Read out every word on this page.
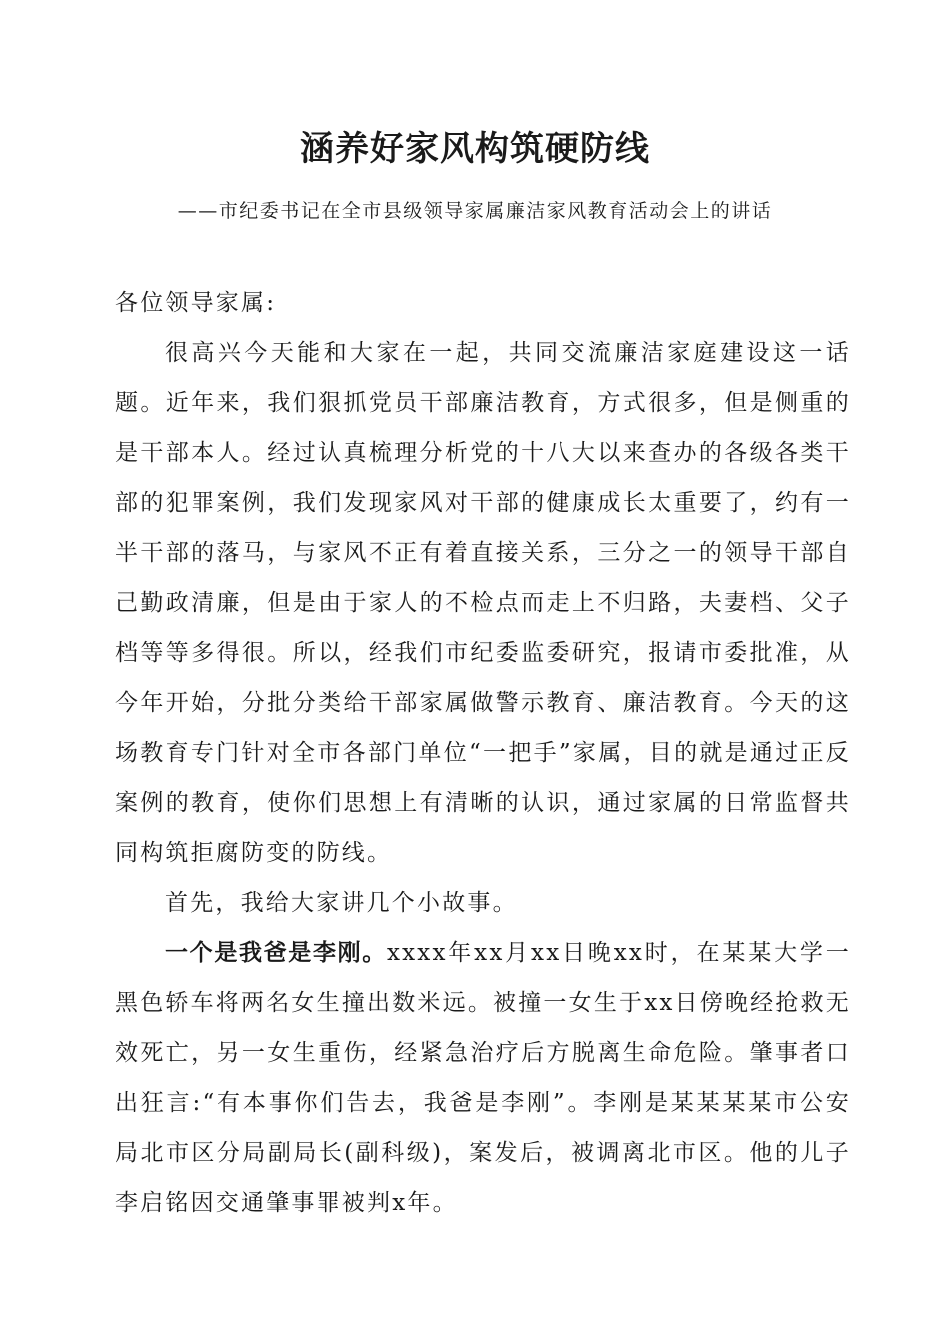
涵养好家风构筑硬防线
——市纪委书记在全市县级领导家属廉洁家风教育活动会上的讲话

各位领导家属:

很高兴今天能和大家在一起，共同交流廉洁家庭建设这一话题。近年来，我们狠抓党员干部廉洁教育，方式很多，但是侧重的是干部本人。经过认真梳理分析党的十八大以来查办的各级各类干部的犯罪案例，我们发现家风对干部的健康成长太重要了，约有一半干部的落马，与家风不正有着直接关系，三分之一的领导干部自己勤政清廉，但是由于家人的不检点而走上不归路，夫妻档、父子档等等多得很。所以，经我们市纪委监委研究，报请市委批准，从今年开始，分批分类给干部家属做警示教育、廉洁教育。今天的这场教育专门针对全市各部门单位“一把手”家属，目的就是通过正反案例的教育，使你们思想上有清晰的认识，通过家属的日常监督共同构筑拒腐防变的防线。

首先，我给大家讲几个小故事。

一个是我爸是李刚。xxxx年xx月xx日晚xx时，在某某大学一黑色轿车将两名女生撞出数米远。被撞一女生于xx日傍晚经抢救无效死亡，另一女生重伤，经紧急治疗后方脱离生命危险。肇事者口出狂言:“有本事你们告去，我爸是李刚”。李刚是某某某某市公安局北市区分局副局长(副科级)，案发后，被调离北市区。他的儿子李启铭因交通肇事罪被判x年。
